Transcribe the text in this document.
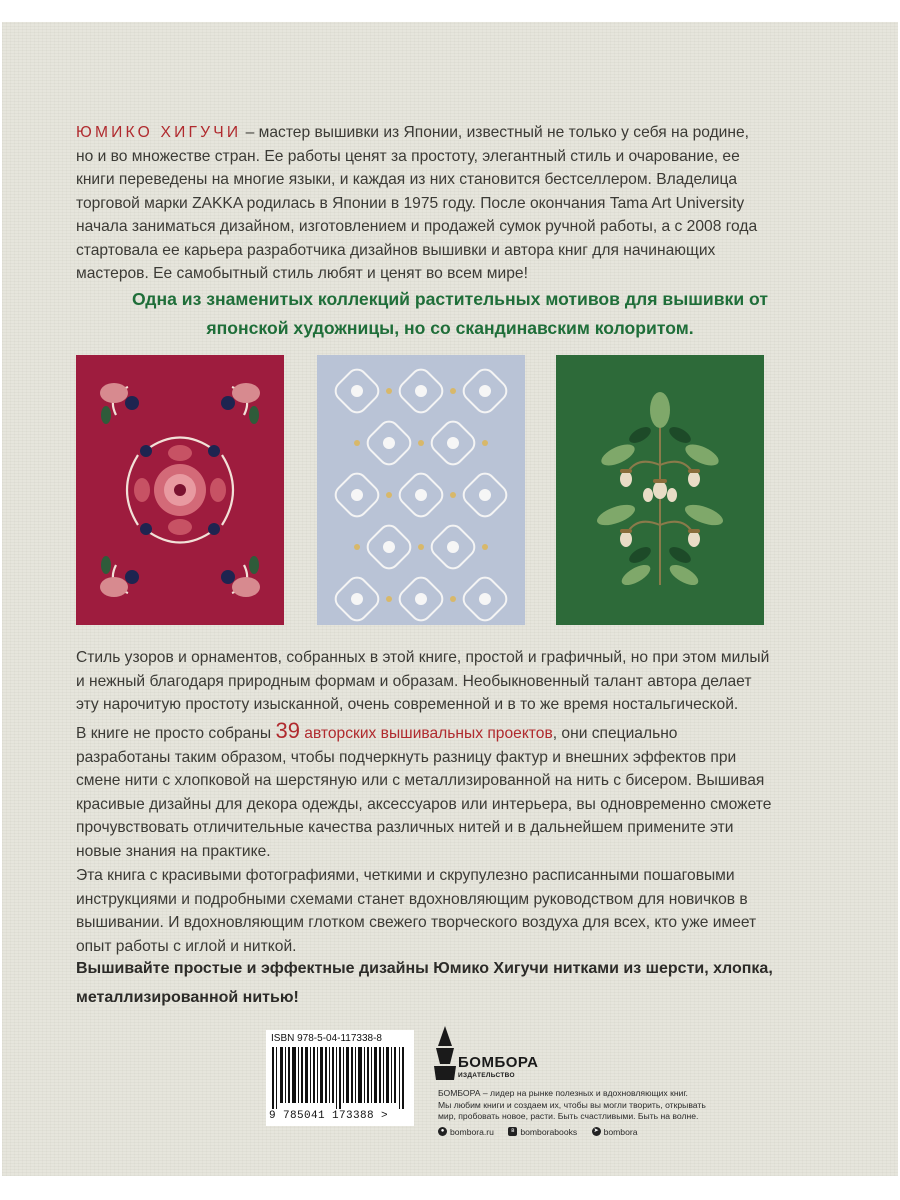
ЮМИКО ХИГУЧИ – мастер вышивки из Японии, известный не только у себя на родине,
но и во множестве стран. Ее работы ценят за простоту, элегантный стиль и очарование, ее
книги переведены на многие языки, и каждая из них становится бестселлером. Владелица
торговой марки ZAKKA родилась в Японии в 1975 году. После окончания Tama Art University
начала заниматься дизайном, изготовлением и продажей сумок ручной работы, а с 2008 года
стартовала ее карьера разработчика дизайнов вышивки и автора книг для начинающих
мастеров. Ее самобытный стиль любят и ценят во всем мире!
Одна из знаменитых коллекций растительных мотивов для вышивки от
японской художницы, но со скандинавским колоритом.
Стиль узоров и орнаментов, собранных в этой книге, простой и графичный, но при этом милый
и нежный благодаря природным формам и образам. Необыкновенный талант автора делает
эту нарочитую простоту изысканной, очень современной и в то же время ностальгической.
В книге не просто собраны 39 авторских вышивальных проектов, они специально
разработаны таким образом, чтобы подчеркнуть разницу фактур и внешних эффектов при
смене нити с хлопковой на шерстяную или с металлизированной на нить с бисером. Вышивая
красивые дизайны для декора одежды, аксессуаров или интерьера, вы одновременно сможете
прочувствовать отличительные качества различных нитей и в дальнейшем примените эти
новые знания на практике.
Эта книга с красивыми фотографиями, четкими и скрупулезно расписанными пошаговыми
инструкциями и подробными схемами станет вдохновляющим руководством для новичков в
вышивании. И вдохновляющим глотком свежего творческого воздуха для всех, кто уже имеет
опыт работы с иглой и ниткой.
Вышивайте простые и эффектные дизайны Юмико Хигучи нитками из шерсти, хлопка,
металлизированной нитью!
ISBN 978-5-04-117338-8
9 785041 173388 >
БОМБОРА
ИЗДАТЕЛЬСТВО
БОМБОРА – лидер на рынке полезных и вдохновляющих книг.
Мы любим книги и создаем их, чтобы вы могли творить, открывать
мир, пробовать новое, расти. Быть счастливыми. Быть на волне.
● bombora.ru
	в bomborabooks
	➤ bombora
